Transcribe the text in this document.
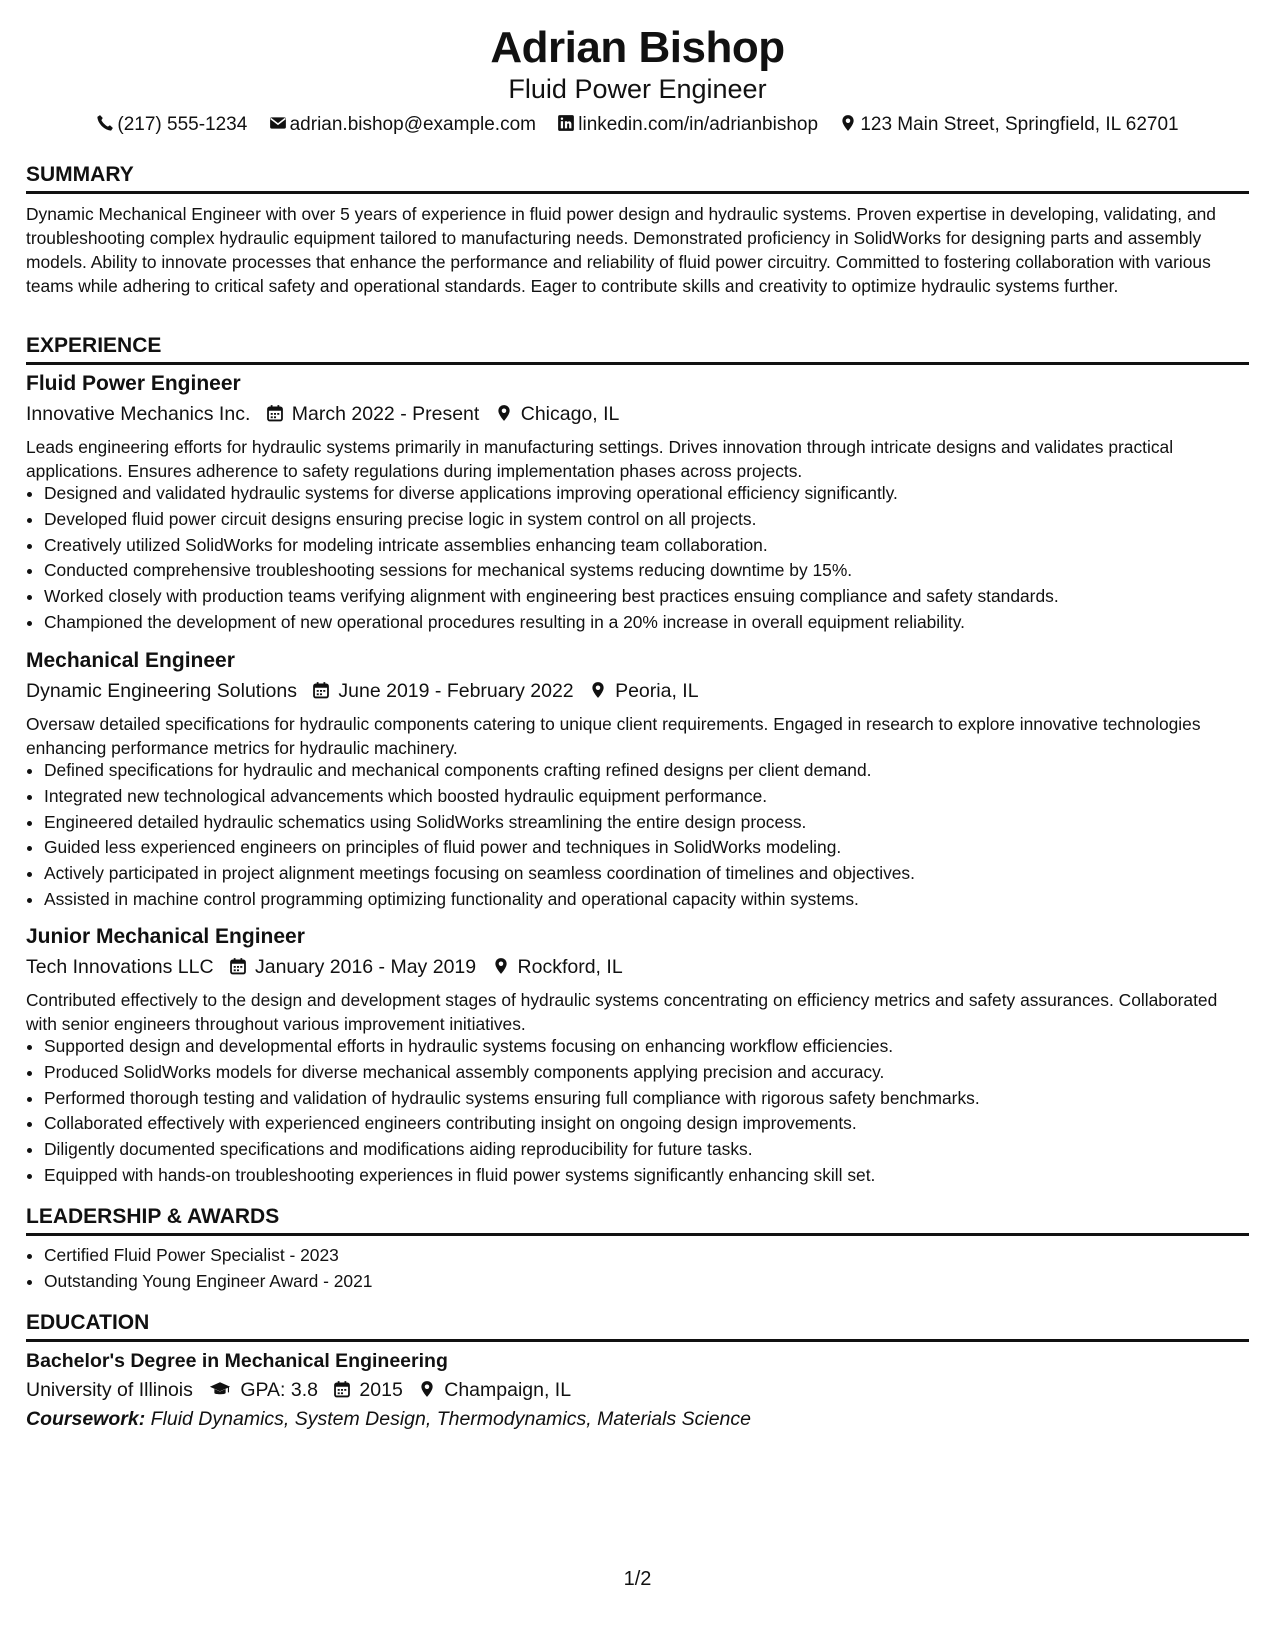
Adrian Bishop
Fluid Power Engineer
(217) 555-1234 adrian.bishop@example.com linkedin.com/in/adrianbishop 123 Main Street, Springfield, IL 62701
SUMMARY
Dynamic Mechanical Engineer with over 5 years of experience in fluid power design and hydraulic systems. Proven expertise in developing, validating, and troubleshooting complex hydraulic equipment tailored to manufacturing needs. Demonstrated proficiency in SolidWorks for designing parts and assembly models. Ability to innovate processes that enhance the performance and reliability of fluid power circuitry. Committed to fostering collaboration with various teams while adhering to critical safety and operational standards. Eager to contribute skills and creativity to optimize hydraulic systems further.
EXPERIENCE
Fluid Power Engineer
Innovative Mechanics Inc. March 2022 - Present Chicago, IL
Leads engineering efforts for hydraulic systems primarily in manufacturing settings. Drives innovation through intricate designs and validates practical applications. Ensures adherence to safety regulations during implementation phases across projects.
• Designed and validated hydraulic systems for diverse applications improving operational efficiency significantly.
• Developed fluid power circuit designs ensuring precise logic in system control on all projects.
• Creatively utilized SolidWorks for modeling intricate assemblies enhancing team collaboration.
• Conducted comprehensive troubleshooting sessions for mechanical systems reducing downtime by 15%.
• Worked closely with production teams verifying alignment with engineering best practices ensuing compliance and safety standards.
• Championed the development of new operational procedures resulting in a 20% increase in overall equipment reliability.
Mechanical Engineer
Dynamic Engineering Solutions June 2019 - February 2022 Peoria, IL
Oversaw detailed specifications for hydraulic components catering to unique client requirements. Engaged in research to explore innovative technologies enhancing performance metrics for hydraulic machinery.
• Defined specifications for hydraulic and mechanical components crafting refined designs per client demand.
• Integrated new technological advancements which boosted hydraulic equipment performance.
• Engineered detailed hydraulic schematics using SolidWorks streamlining the entire design process.
• Guided less experienced engineers on principles of fluid power and techniques in SolidWorks modeling.
• Actively participated in project alignment meetings focusing on seamless coordination of timelines and objectives.
• Assisted in machine control programming optimizing functionality and operational capacity within systems.
Junior Mechanical Engineer
Tech Innovations LLC January 2016 - May 2019 Rockford, IL
Contributed effectively to the design and development stages of hydraulic systems concentrating on efficiency metrics and safety assurances. Collaborated with senior engineers throughout various improvement initiatives.
• Supported design and developmental efforts in hydraulic systems focusing on enhancing workflow efficiencies.
• Produced SolidWorks models for diverse mechanical assembly components applying precision and accuracy.
• Performed thorough testing and validation of hydraulic systems ensuring full compliance with rigorous safety benchmarks.
• Collaborated effectively with experienced engineers contributing insight on ongoing design improvements.
• Diligently documented specifications and modifications aiding reproducibility for future tasks.
• Equipped with hands-on troubleshooting experiences in fluid power systems significantly enhancing skill set.
LEADERSHIP & AWARDS
• Certified Fluid Power Specialist - 2023
• Outstanding Young Engineer Award - 2021
EDUCATION
Bachelor's Degree in Mechanical Engineering
University of Illinois GPA: 3.8 2015 Champaign, IL
Coursework: Fluid Dynamics, System Design, Thermodynamics, Materials Science
1/2
